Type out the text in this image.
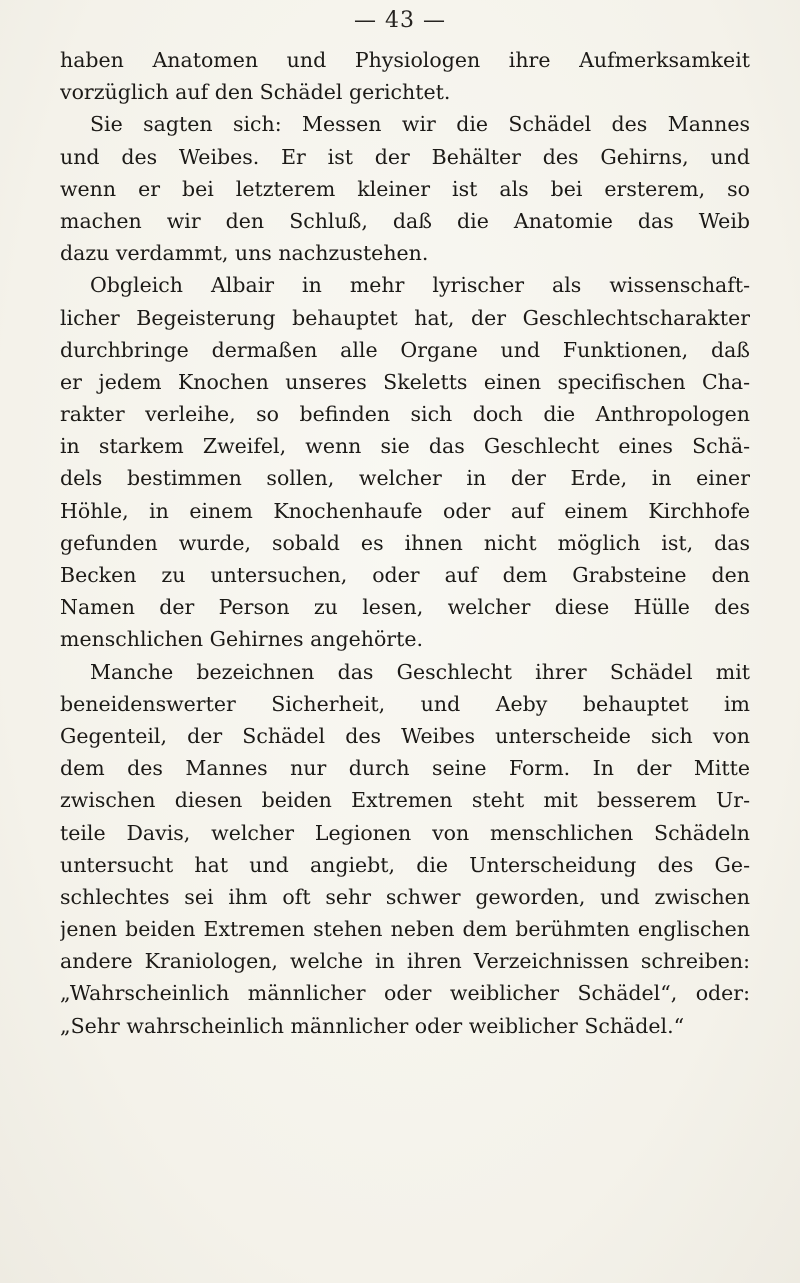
— 43 —
haben Anatomen und Physiologen ihre Aufmerksamkeit
vorzüglich auf den Schädel gerichtet.
Sie sagten sich: Messen wir die Schädel des Mannes
und des Weibes. Er ist der Behälter des Gehirns, und
wenn er bei letzterem kleiner ist als bei ersterem, so
machen wir den Schluß, daß die Anatomie das Weib
dazu verdammt, uns nachzustehen.
Obgleich Albair in mehr lyrischer als wissenschaft-
licher Begeisterung behauptet hat, der Geschlechtscharakter
durchbringe dermaßen alle Organe und Funktionen, daß
er jedem Knochen unseres Skeletts einen specifischen Cha-
rakter verleihe, so befinden sich doch die Anthropologen
in starkem Zweifel, wenn sie das Geschlecht eines Schä-
dels bestimmen sollen, welcher in der Erde, in einer
Höhle, in einem Knochenhaufe oder auf einem Kirchhofe
gefunden wurde, sobald es ihnen nicht möglich ist, das
Becken zu untersuchen, oder auf dem Grabsteine den
Namen der Person zu lesen, welcher diese Hülle des
menschlichen Gehirnes angehörte.
Manche bezeichnen das Geschlecht ihrer Schädel mit
beneidenswerter Sicherheit, und Aeby behauptet im
Gegenteil, der Schädel des Weibes unterscheide sich von
dem des Mannes nur durch seine Form. In der Mitte
zwischen diesen beiden Extremen steht mit besserem Ur-
teile Davis, welcher Legionen von menschlichen Schädeln
untersucht hat und angiebt, die Unterscheidung des Ge-
schlechtes sei ihm oft sehr schwer geworden, und zwischen
jenen beiden Extremen stehen neben dem berühmten englischen
andere Kraniologen, welche in ihren Verzeichnissen schreiben:
„Wahrscheinlich männlicher oder weiblicher Schädel“, oder:
„Sehr wahrscheinlich männlicher oder weiblicher Schädel.“
